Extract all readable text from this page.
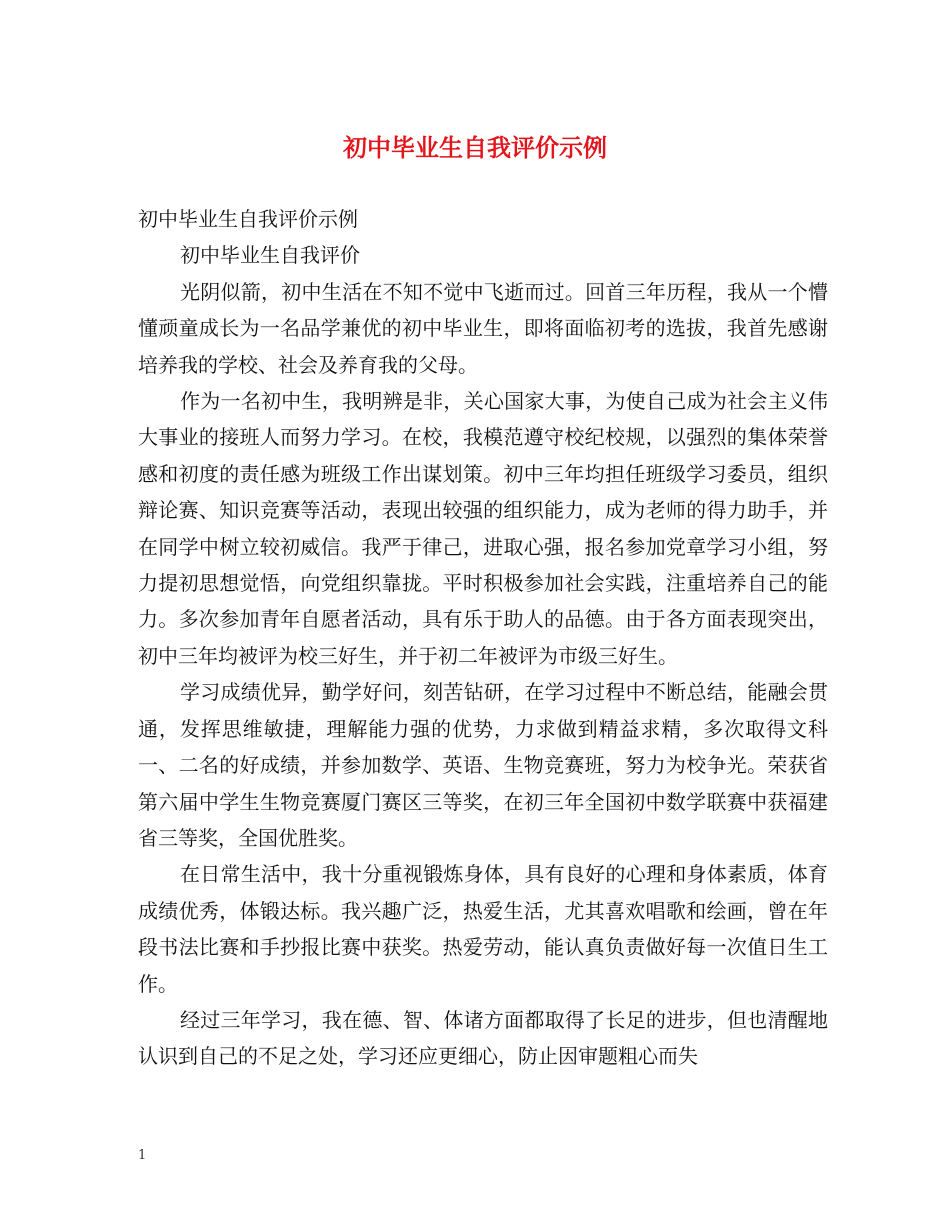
初中毕业生自我评价示例

初中毕业生自我评价示例

初中毕业生自我评价

光阴似箭，初中生活在不知不觉中飞逝而过。回首三年历程，我从一个懵懂顽童成长为一名品学兼优的初中毕业生，即将面临初考的选拔，我首先感谢培养我的学校、社会及养育我的父母。

作为一名初中生，我明辨是非，关心国家大事，为使自己成为社会主义伟大事业的接班人而努力学习。在校，我模范遵守校纪校规，以强烈的集体荣誉感和初度的责任感为班级工作出谋划策。初中三年均担任班级学习委员，组织辩论赛、知识竞赛等活动，表现出较强的组织能力，成为老师的得力助手，并在同学中树立较初威信。我严于律己，进取心强，报名参加党章学习小组，努力提初思想觉悟，向党组织靠拢。平时积极参加社会实践，注重培养自己的能力。多次参加青年自愿者活动，具有乐于助人的品德。由于各方面表现突出，初中三年均被评为校三好生，并于初二年被评为市级三好生。

学习成绩优异，勤学好问，刻苦钻研，在学习过程中不断总结，能融会贯通，发挥思维敏捷，理解能力强的优势，力求做到精益求精，多次取得文科一、二名的好成绩，并参加数学、英语、生物竞赛班，努力为校争光。荣获省第六届中学生生物竞赛厦门赛区三等奖，在初三年全国初中数学联赛中获福建省三等奖，全国优胜奖。

在日常生活中，我十分重视锻炼身体，具有良好的心理和身体素质，体育成绩优秀，体锻达标。我兴趣广泛，热爱生活，尤其喜欢唱歌和绘画，曾在年段书法比赛和手抄报比赛中获奖。热爱劳动，能认真负责做好每一次值日生工作。

经过三年学习，我在德、智、体诸方面都取得了长足的进步，但也清醒地认识到自己的不足之处，学习还应更细心，防止因审题粗心而失

1
